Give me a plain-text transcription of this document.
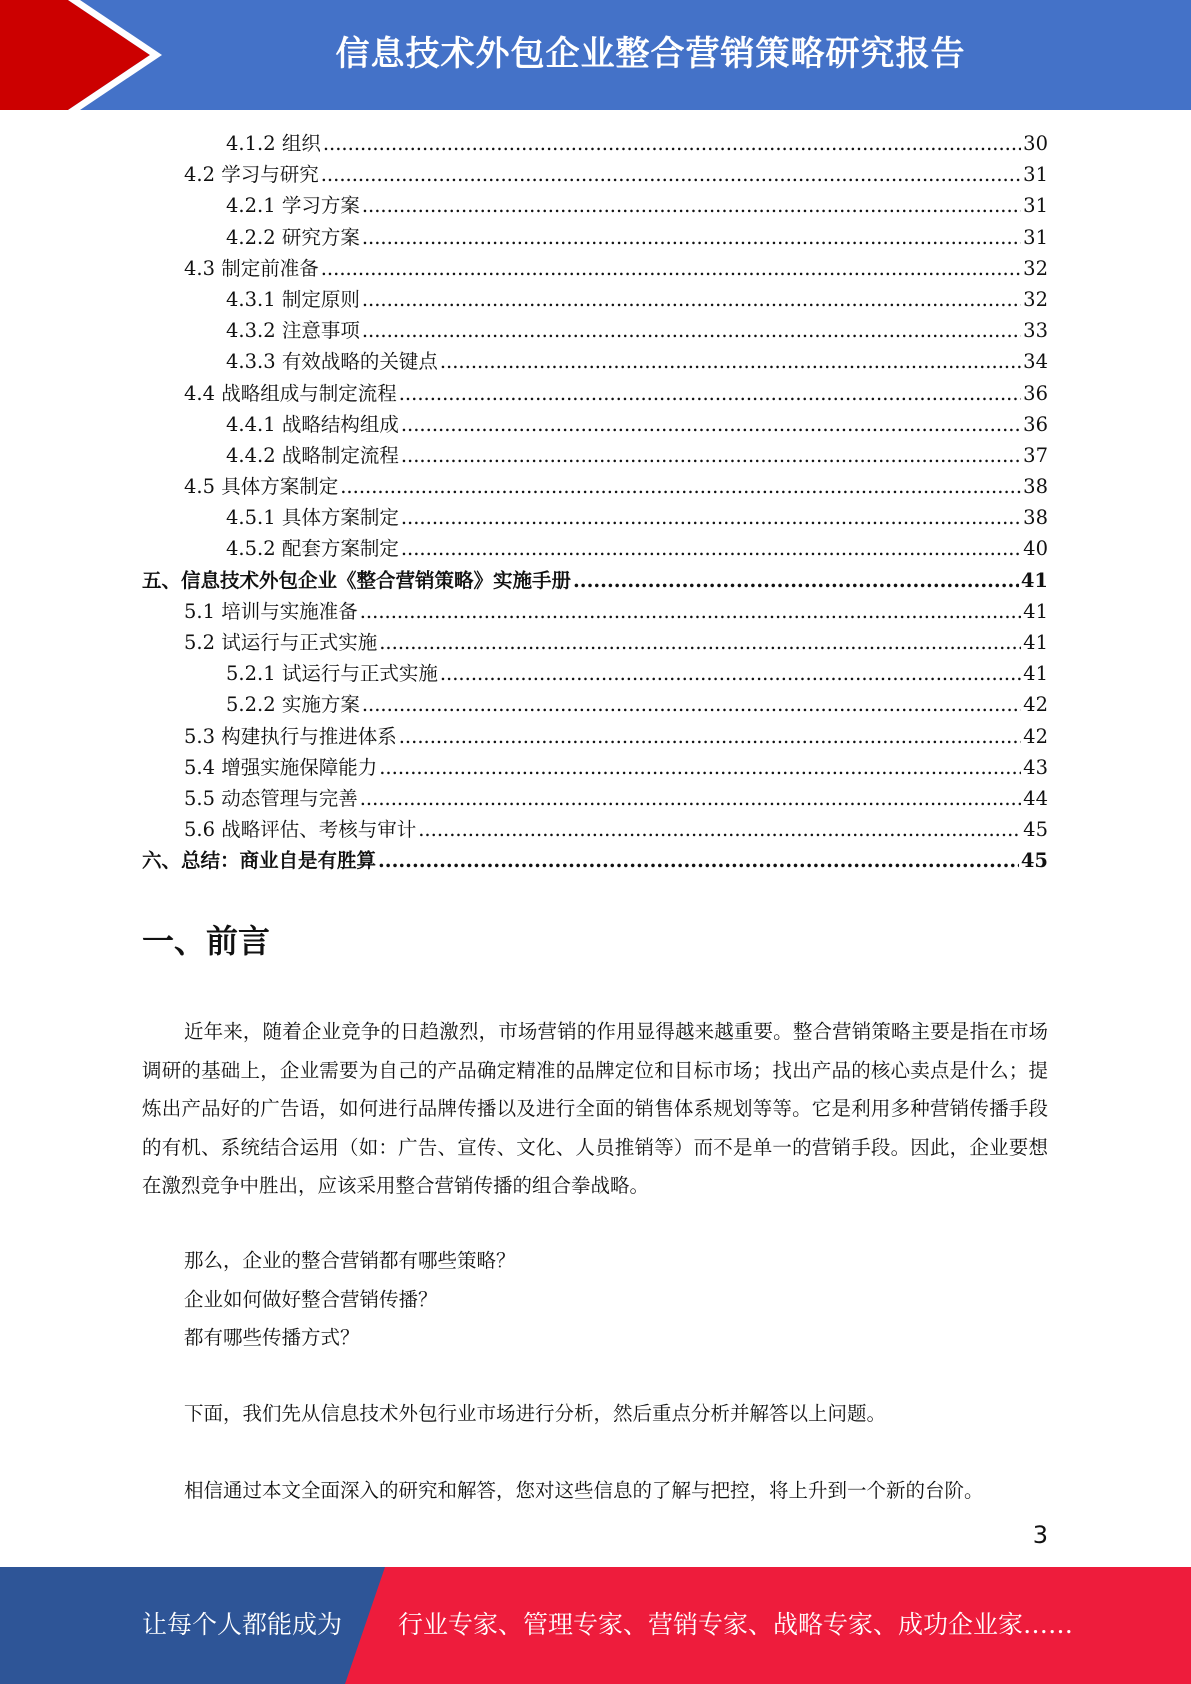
信息技术外包企业整合营销策略研究报告
4.1.2 组织 .....	30
4.2 学习与研究 .....	31
4.2.1 学习方案 .....	31
4.2.2 研究方案 .....	31
4.3 制定前准备 .....	32
4.3.1 制定原则 .....	32
4.3.2 注意事项 .....	33
4.3.3 有效战略的关键点 .....	34
4.4 战略组成与制定流程 .....	36
4.4.1 战略结构组成 .....	36
4.4.2 战略制定流程 .....	37
4.5 具体方案制定 .....	38
4.5.1 具体方案制定 .....	38
4.5.2 配套方案制定 .....	40
五、信息技术外包企业《整合营销策略》实施手册 .....	41
5.1 培训与实施准备 .....	41
5.2 试运行与正式实施 .....	41
5.2.1 试运行与正式实施 .....	41
5.2.2 实施方案 .....	42
5.3 构建执行与推进体系 .....	42
5.4 增强实施保障能力 .....	43
5.5 动态管理与完善 .....	44
5.6 战略评估、考核与审计 .....	45
六、总结：商业自是有胜算 .....	45
一、前言
近年来，随着企业竞争的日趋激烈，市场营销的作用显得越来越重要。整合营销策略主要是指在市场调研的基础上，企业需要为自己的产品确定精准的品牌定位和目标市场；找出产品的核心卖点是什么；提炼出产品好的广告语，如何进行品牌传播以及进行全面的销售体系规划等等。它是利用多种营销传播手段的有机、系统结合运用（如：广告、宣传、文化、人员推销等）而不是单一的营销手段。因此，企业要想在激烈竞争中胜出，应该采用整合营销传播的组合拳战略。
那么，企业的整合营销都有哪些策略？
企业如何做好整合营销传播？
都有哪些传播方式？
下面，我们先从信息技术外包行业市场进行分析，然后重点分析并解答以上问题。
相信通过本文全面深入的研究和解答，您对这些信息的了解与把控，将上升到一个新的台阶。
3
让每个人都能成为 行业专家、管理专家、营销专家、战略专家、成功企业家……
